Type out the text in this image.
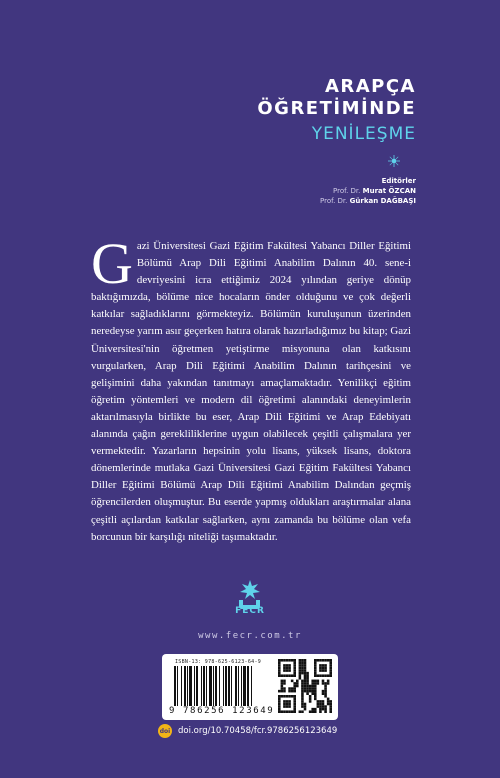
ARAPÇA
ÖĞRETİMİNDE
YENİLEŞME
Editörler
Prof. Dr. Murat ÖZCAN
Prof. Dr. Gürkan DAĞBAŞI
Gazi Üniversitesi Gazi Eğitim Fakültesi Yabancı Diller Eğitimi Bölümü Arap Dili Eğitimi Anabilim Dalının 40. sene-i devriyesini icra ettiğimiz 2024 yılından geriye dönüp baktığımızda, bölüme nice hocaların önder olduğunu ve çok değerli katkılar sağladıklarını görmekteyiz. Bölümün kuruluşunun üzerinden neredeyse yarım asır geçerken hatıra olarak hazırladığımız bu kitap; Gazi Üniversitesi'nin öğretmen yetiştirme misyonuna olan katkısını vurgularken, Arap Dili Eğitimi Anabilim Dalının tarihçesini ve gelişimini daha yakından tanıtmayı amaçlamaktadır. Yenilikçi eğitim öğretim yöntemleri ve modern dil öğretimi alanındaki deneyimlerin aktarılmasıyla birlikte bu eser, Arap Dili Eğitimi ve Arap Edebiyatı alanında çağın gerekliliklerine uygun olabilecek çeşitli çalışmalara yer vermektedir. Yazarların hepsinin yolu lisans, yüksek lisans, doktora dönemlerinde mutlaka Gazi Üniversitesi Gazi Eğitim Fakültesi Yabancı Diller Eğitimi Bölümü Arap Dili Eğitimi Anabilim Dalından geçmiş öğrencilerden oluşmuştur. Bu eserde yapmış oldukları araştırmalar alana çeşitli açılardan katkılar sağlarken, aynı zamanda bu bölüme olan vefa borcunun bir karşılığı niteliği taşımaktadır.
FECR
www.fecr.com.tr
ISBN-13: 978-625-6123-64-9
9 786256 123649
doi doi.org/10.70458/fcr.9786256123649
